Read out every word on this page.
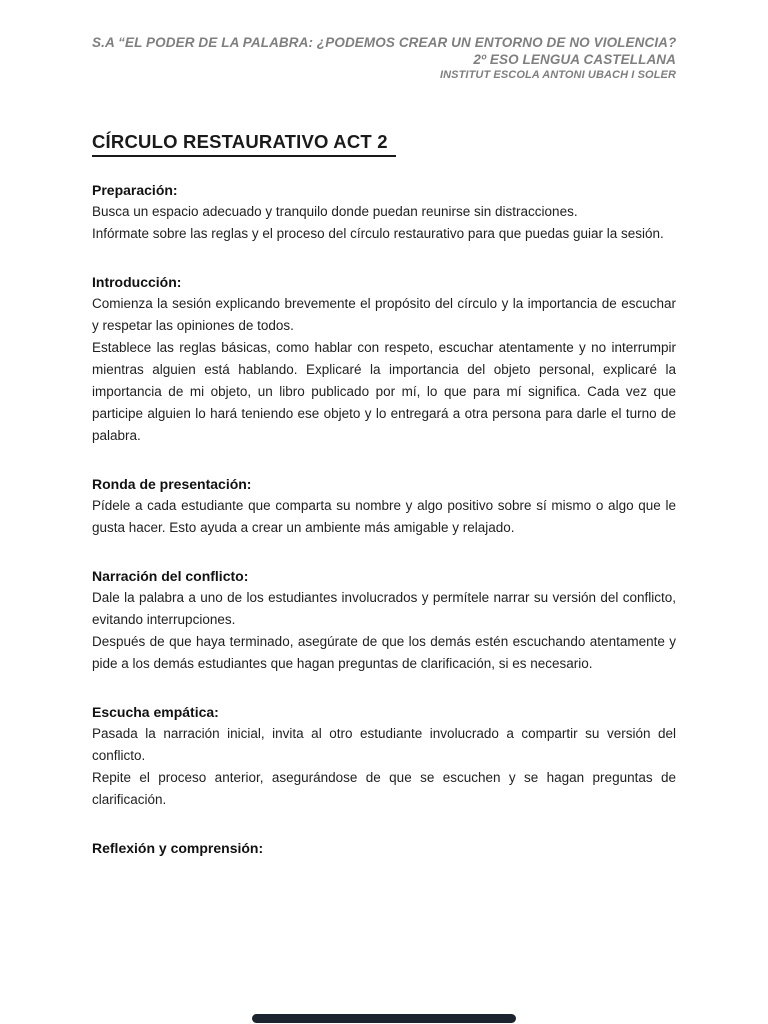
S.A “EL PODER DE LA PALABRA: ¿PODEMOS CREAR UN ENTORNO DE NO VIOLENCIA?
2º ESO LENGUA CASTELLANA
INSTITUT ESCOLA ANTONI UBACH I SOLER
CÍRCULO RESTAURATIVO ACT 2
Preparación:

Busca un espacio adecuado y tranquilo donde puedan reunirse sin distracciones.

Infórmate sobre las reglas y el proceso del círculo restaurativo para que puedas guiar la sesión.

Introducción:

Comienza la sesión explicando brevemente el propósito del círculo y la importancia de escuchar y respetar las opiniones de todos.

Establece las reglas básicas, como hablar con respeto, escuchar atentamente y no interrumpir mientras alguien está hablando. Explicaré la importancia del objeto personal, explicaré la importancia de mi objeto, un libro publicado por mí, lo que para mí significa. Cada vez que participe alguien lo hará teniendo ese objeto y lo entregará a otra persona para darle el turno de palabra.

Ronda de presentación:

Pídele a cada estudiante que comparta su nombre y algo positivo sobre sí mismo o algo que le gusta hacer. Esto ayuda a crear un ambiente más amigable y relajado.

Narración del conflicto:

Dale la palabra a uno de los estudiantes involucrados y permítele narrar su versión del conflicto, evitando interrupciones.

Después de que haya terminado, asegúrate de que los demás estén escuchando atentamente y pide a los demás estudiantes que hagan preguntas de clarificación, si es necesario.

Escucha empática:

Pasada la narración inicial, invita al otro estudiante involucrado a compartir su versión del conflicto.

Repite el proceso anterior, asegurándose de que se escuchen y se hagan preguntas de clarificación.

Reflexión y comprensión:
